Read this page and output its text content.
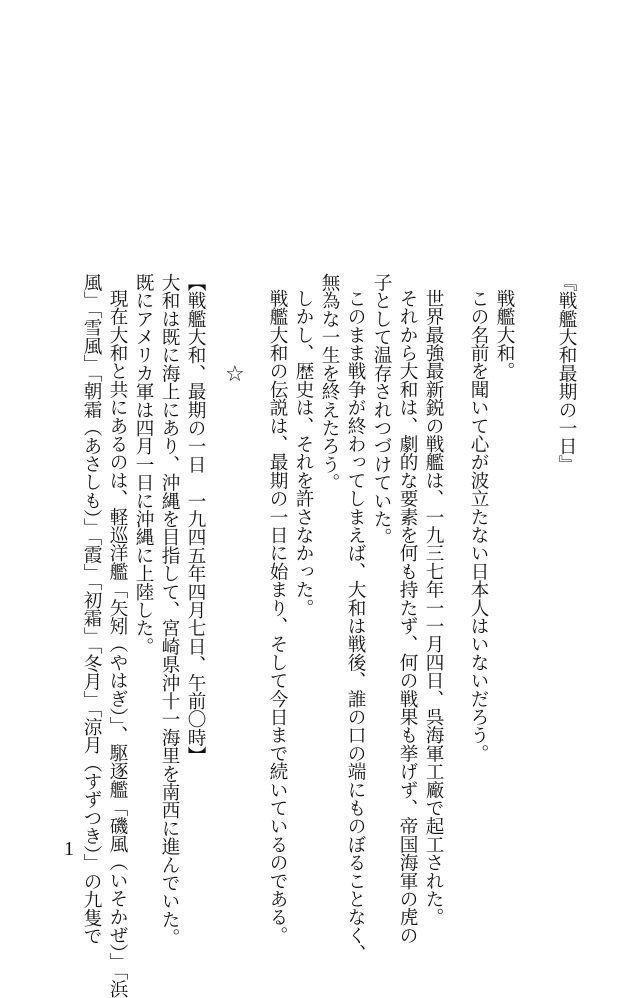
『戦艦大和最期の一日』
戦艦大和。
この名前を聞いて心が波立たない日本人はいないだろう。
世界最強最新鋭の戦艦は、一九三七年一一月四日、呉海軍工廠で起工された。
それから大和は、劇的な要素を何も持たず、何の戦果も挙げず、帝国海軍の虎の
子として温存されつづけていた。
このまま戦争が終わってしまえば、大和は戦後、誰の口の端にものぼることなく、
無為な一生を終えたろう。
しかし、歴史は、それを許さなかった。
戦艦大和の伝説は、最期の一日に始まり、そして今日まで続いているのである。
☆
【戦艦大和、最期の一日　一九四五年四月七日、午前〇時】
大和は既に海上にあり、沖縄を目指して、宮崎県沖十一海里を南西に進んでいた。
既にアメリカ軍は四月一日に沖縄に上陸した。
現在大和と共にあるのは、軽巡洋艦「矢矧（やはぎ）」、駆逐艦「磯風（いそかぜ）」「浜
風」「雪風」「朝霜（あさしも）」「霞」「初霜」「冬月」「涼月（すずつき）」の九隻で
1
